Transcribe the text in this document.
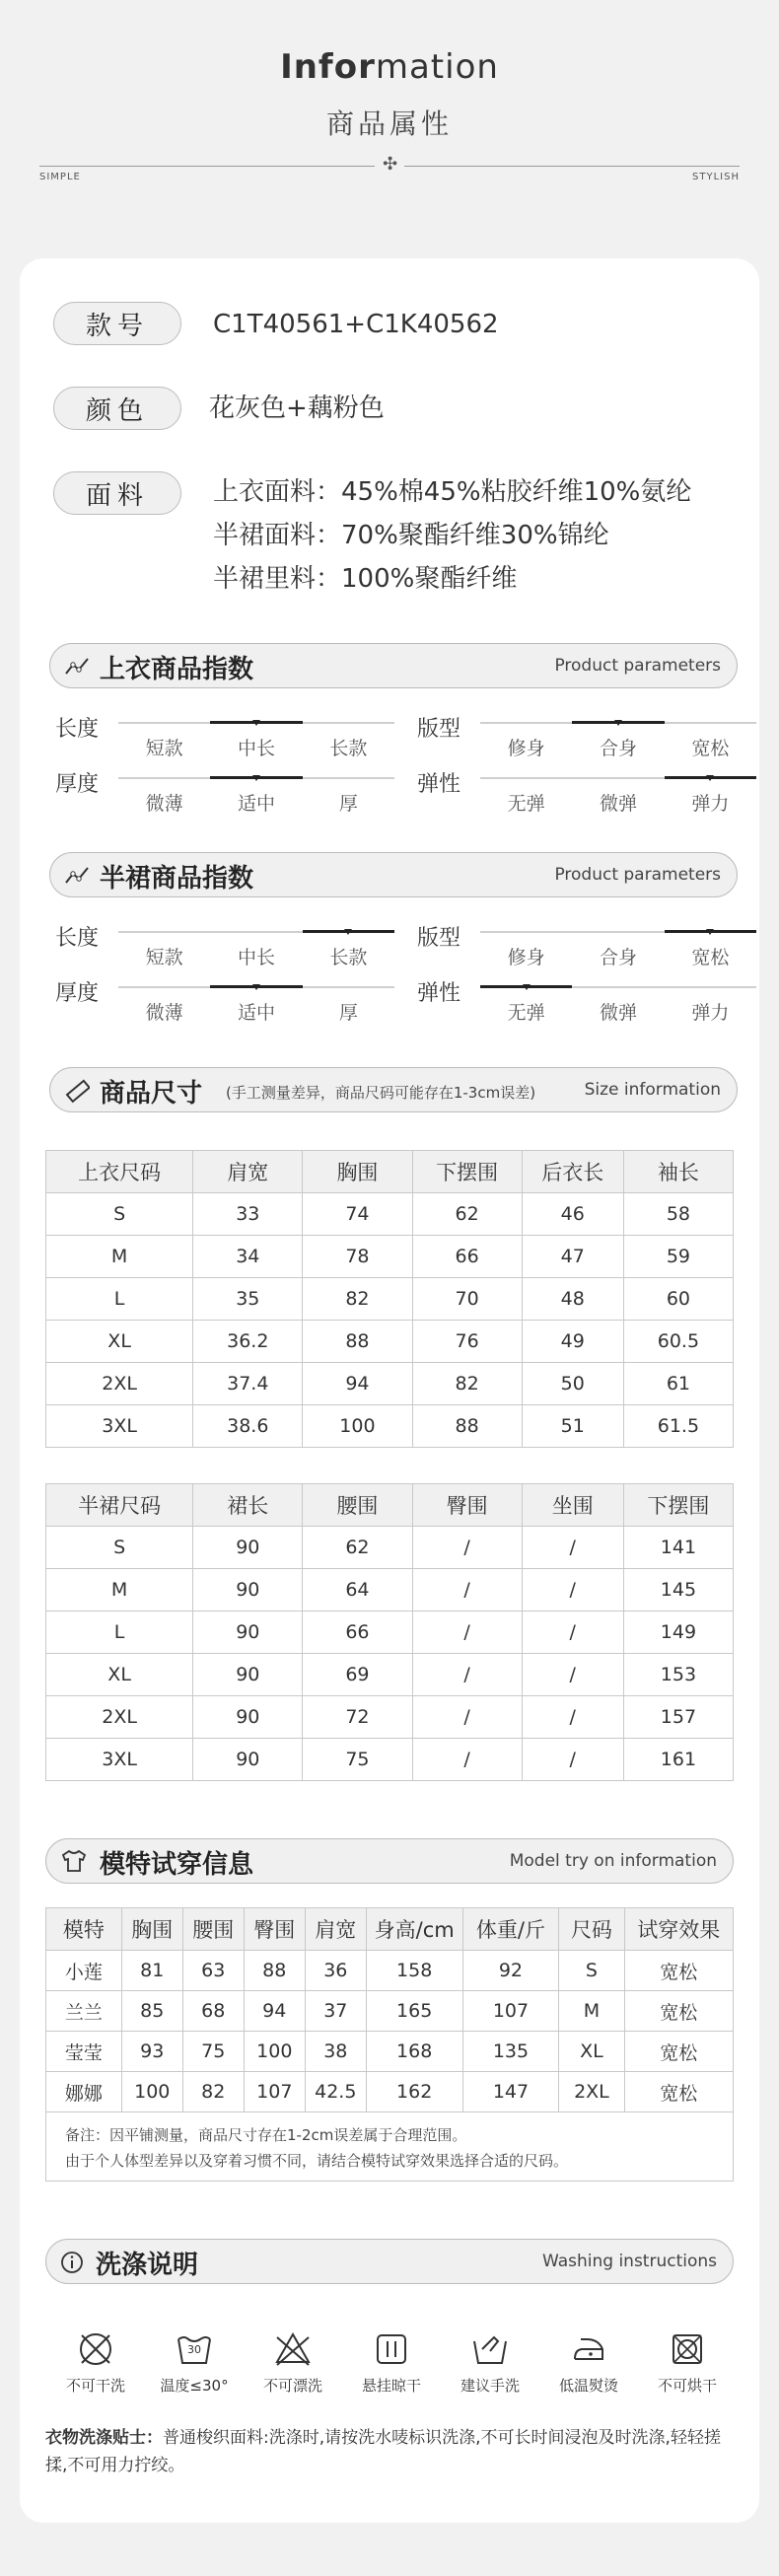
Information
商品属性
✣
SIMPLE	STYLISH
款号	C1T40561+C1K40562
颜色	花灰色+藕粉色
面料	上衣面料：45%棉45%粘胶纤维10%氨纶
半裙面料：70%聚酯纤维30%锦纶
半裙里料：100%聚酯纤维
上衣商品指数	Product parameters
长度
短款	中长	长款
版型
修身	合身	宽松
厚度
微薄	适中	厚
弹性
无弹	微弹	弹力
半裙商品指数	Product parameters
长度
短款	中长	长款
版型
修身	合身	宽松
厚度
微薄	适中	厚
弹性
无弹	微弹	弹力
商品尺寸 (手工测量差异，商品尺码可能存在1-3cm误差)	Size information
上衣尺码	肩宽	胸围	下摆围	后衣长	袖长
S	33	74	62	46	58
M	34	78	66	47	59
L	35	82	70	48	60
XL	36.2	88	76	49	60.5
2XL	37.4	94	82	50	61
3XL	38.6	100	88	51	61.5
半裙尺码	裙长	腰围	臀围	坐围	下摆围
S	90	62	/	/	141
M	90	64	/	/	145
L	90	66	/	/	149
XL	90	69	/	/	153
2XL	90	72	/	/	157
3XL	90	75	/	/	161
模特试穿信息	Model try on information
模特	胸围	腰围	臀围	肩宽	身高/cm	体重/斤	尺码	试穿效果
小莲	81	63	88	36	158	92	S	宽松
兰兰	85	68	94	37	165	107	M	宽松
莹莹	93	75	100	38	168	135	XL	宽松
娜娜	100	82	107	42.5	162	147	2XL	宽松
备注：因平铺测量，商品尺寸存在1-2cm误差属于合理范围。
由于个人体型差异以及穿着习惯不同，请结合模特试穿效果选择合适的尺码。
洗涤说明	Washing instructions
不可干洗
30
温度≤30°	不可漂洗	悬挂晾干	建议手洗	低温熨烫	不可烘干
衣物洗涤贴士：普通梭织面料:洗涤时,请按洗水唛标识洗涤,不可长时间浸泡及时洗涤,轻轻搓揉,不可用力拧绞。
